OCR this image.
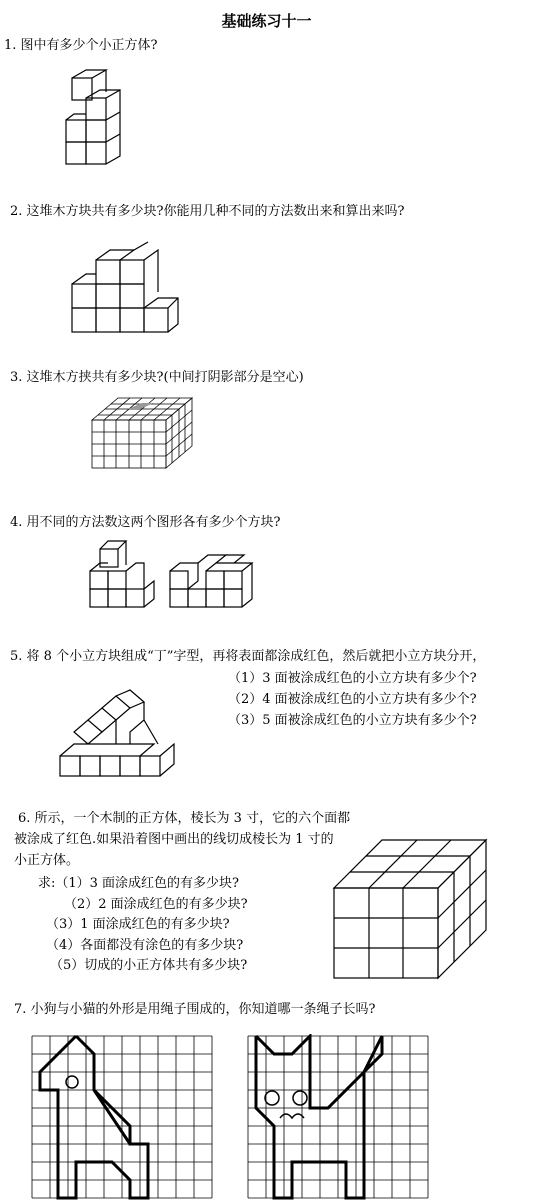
基础练习十一
1. 图中有多少个小正方体?
2. 这堆木方块共有多少块?你能用几种不同的方法数出来和算出来吗?
3. 这堆木方挟共有多少块?(中间打阴影部分是空心)
4. 用不同的方法数这两个图形各有多少个方块?
5. 将 8 个小立方块组成“丁”字型，再将表面都涂成红色，然后就把小立方块分开，
（1）3 面被涂成红色的小立方块有多少个?
（2）4 面被涂成红色的小立方块有多少个?
（3）5 面被涂成红色的小立方块有多少个?
6. 所示，一个木制的正方体，棱长为 3 寸，它的六个面都
被涂成了红色.如果沿着图中画出的线切成棱长为 1 寸的
小正方体。
求:（1）3 面涂成红色的有多少块?
（2）2 面涂成红色的有多少块?
（3）1 面涂成红色的有多少块?
（4）各面都没有涂色的有多少块?
（5）切成的小正方体共有多少块?
7. 小狗与小猫的外形是用绳子围成的，你知道哪一条绳子长吗?
